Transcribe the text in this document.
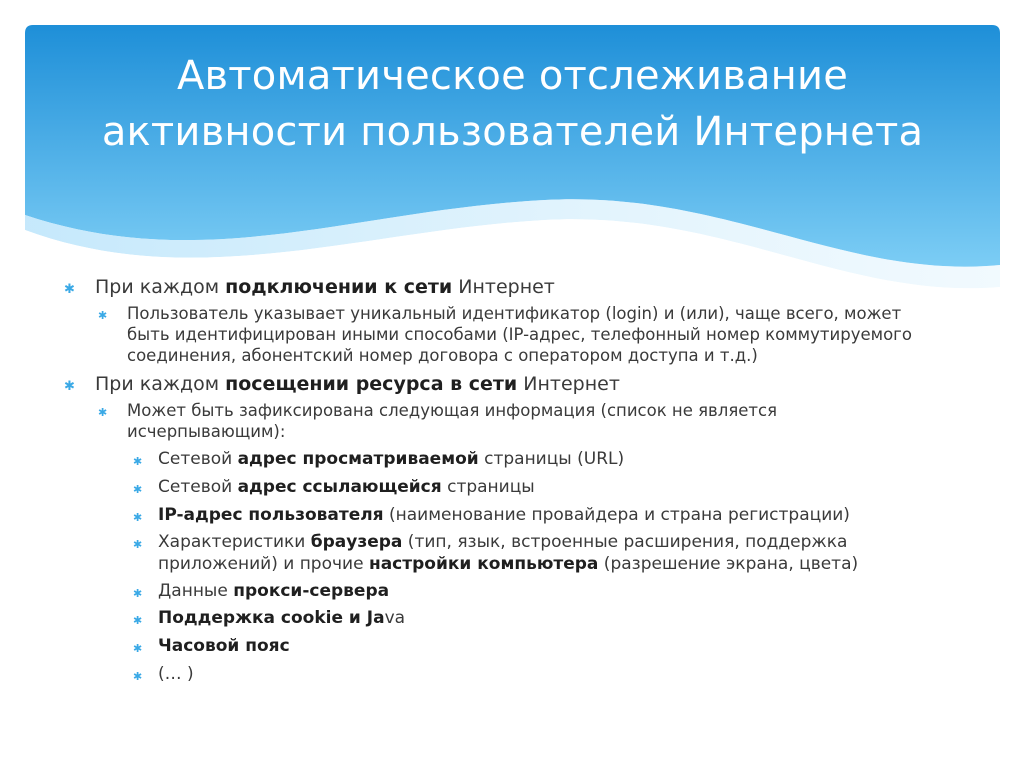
Автоматическое отслеживание
активности пользователей Интернета
✱ При каждом подключении к сети Интернет
✱ Пользователь указывает уникальный идентификатор (login) и (или), чаще всего, может
быть идентифицирован иными способами (IP-адрес, телефонный номер коммутируемого
соединения, абонентский номер договора с оператором доступа и т.д.)
✱ При каждом посещении ресурса в сети Интернет
✱ Может быть зафиксирована следующая информация (список не является
исчерпывающим):
✱ Сетевой адрес просматриваемой страницы (URL)
✱ Сетевой адрес ссылающейся страницы
✱ IP-адрес пользователя (наименование провайдера и страна регистрации)
✱ Характеристики браузера (тип, язык, встроенные расширения, поддержка
приложений) и прочие настройки компьютера (разрешение экрана, цвета)
✱ Данные прокси-сервера
✱ Поддержка cookie и Java
✱ Часовой пояс
✱ (… )
